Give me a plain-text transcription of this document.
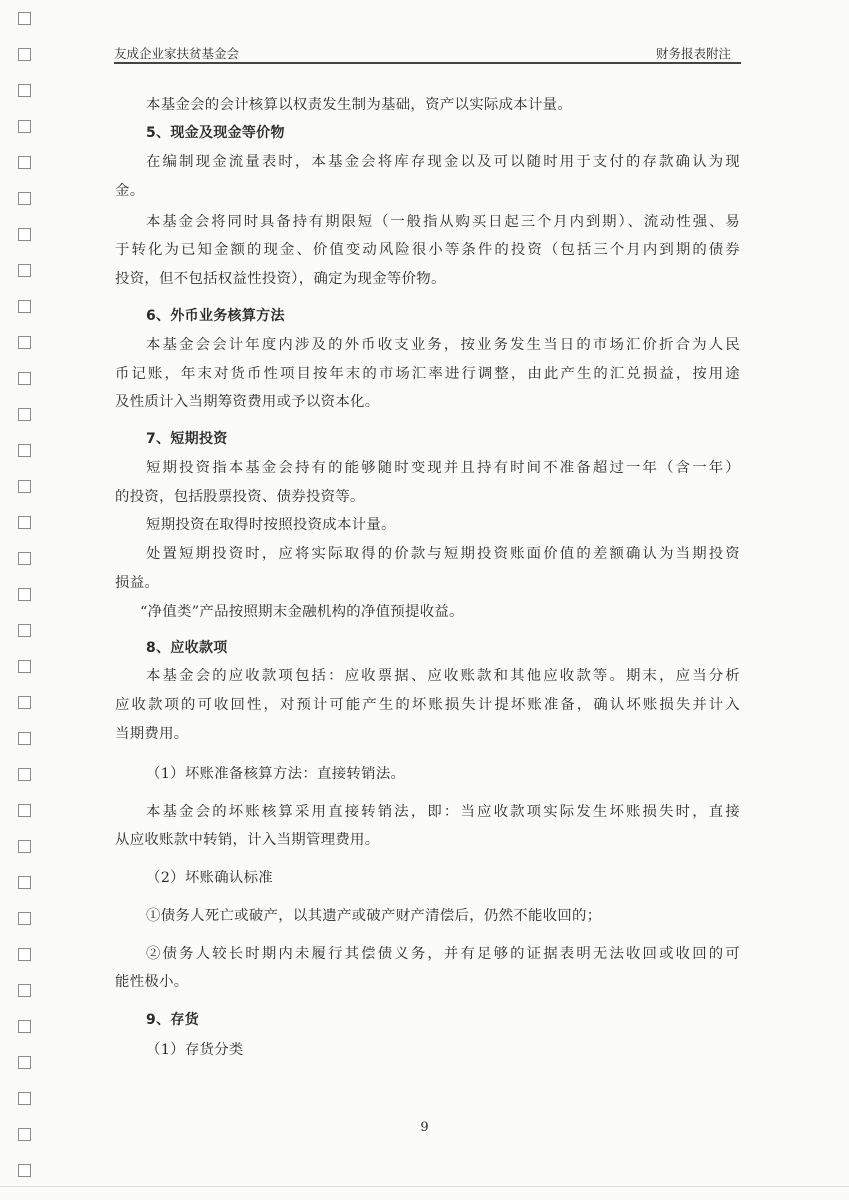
友成企业家扶贫基金会	财务报表附注
本基金会的会计核算以权责发生制为基础，资产以实际成本计量。
5、现金及现金等价物
在编制现金流量表时，本基金会将库存现金以及可以随时用于支付的存款确认为现
金。
本基金会将同时具备持有期限短（一般指从购买日起三个月内到期）、流动性强、易
于转化为已知金额的现金、价值变动风险很小等条件的投资（包括三个月内到期的债券
投资，但不包括权益性投资），确定为现金等价物。
6、外币业务核算方法
本基金会会计年度内涉及的外币收支业务，按业务发生当日的市场汇价折合为人民
币记账，年末对货币性项目按年末的市场汇率进行调整，由此产生的汇兑损益，按用途
及性质计入当期筹资费用或予以资本化。
7、短期投资
短期投资指本基金会持有的能够随时变现并且持有时间不准备超过一年（含一年）
的投资，包括股票投资、债券投资等。
短期投资在取得时按照投资成本计量。
处置短期投资时，应将实际取得的价款与短期投资账面价值的差额确认为当期投资
损益。
“净值类”产品按照期末金融机构的净值预提收益。
8、应收款项
本基金会的应收款项包括：应收票据、应收账款和其他应收款等。期末，应当分析
应收款项的可收回性，对预计可能产生的坏账损失计提坏账准备，确认坏账损失并计入
当期费用。
（1）坏账准备核算方法：直接转销法。
本基金会的坏账核算采用直接转销法，即：当应收款项实际发生坏账损失时，直接
从应收账款中转销，计入当期管理费用。
（2）坏账确认标准
①债务人死亡或破产，以其遗产或破产财产清偿后，仍然不能收回的；
②债务人较长时期内未履行其偿债义务，并有足够的证据表明无法收回或收回的可
能性极小。
9、存货
（1）存货分类
9
